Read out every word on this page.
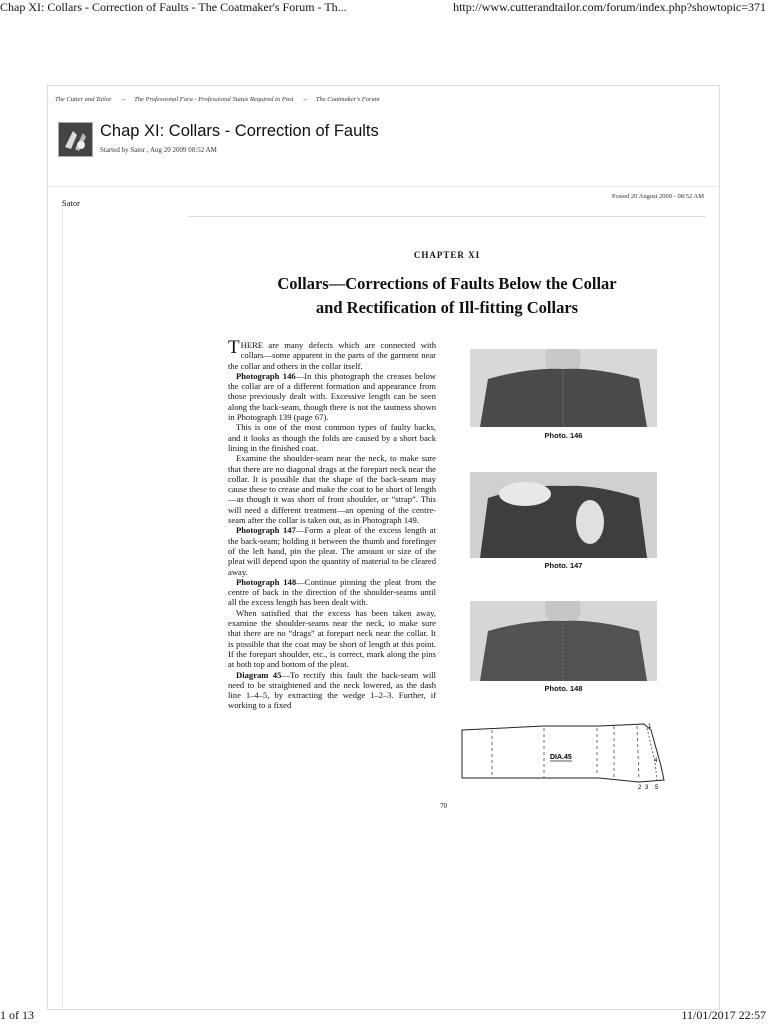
Chap XI: Collars - Correction of Faults - The Coatmaker's Forum - Th...	http://www.cutterandtailor.com/forum/index.php?showtopic=371
1 of 13	11/01/2017 22:57
The Cutter and Tailor → The Professional Fora - Professional Status Required to Post → The Coatmaker's Forum
Chap XI: Collars - Correction of Faults
Started by Sator , Aug 20 2009 08:52 AM
Sator
Posted 20 August 2009 - 08:52 AM
CHAPTER XI
Collars—Corrections of Faults Below the Collar
and Rectification of Ill-fitting Collars

THERE are many defects which are connected with collars—some apparent in the parts of the garment near the collar and others in the collar itself.

Photograph 146—In this photograph the creases below the collar are of a different formation and appearance from those previously dealt with. Excessive length can be seen along the back-seam, though there is not the tautness shown in Photograph 139 (page 67).

This is one of the most common types of faulty backs, and it looks as though the folds are caused by a short back lining in the finished coat.

Examine the shoulder-seam near the neck, to make sure that there are no diagonal drags at the forepart neck near the collar. It is possible that the shape of the back-seam may cause these to crease and make the coat to be short of length —as though it was short of front shoulder, or “strap”. This will need a different treatment—an opening of the centre-seam after the collar is taken out, as in Photograph 149.

Photograph 147—Form a pleat of the excess length at the back-seam; holding it between the thumb and forefinger of the left hand, pin the pleat. The amount or size of the pleat will depend upon the quantity of material to be cleared away.

Photograph 148—Continue pinning the pleat from the centre of back in the direction of the shoulder-seams until all the excess length has been dealt with.

When satisfied that the excess has been taken away, examine the shoulder-seams near the neck, to make sure that there are no “drags” at forepart neck near the collar. It is possible that the coat may be short of length at this point. If the forepart shoulder, etc., is correct, mark along the pins at both top and bottom of the pleat.

Diagram 45—To rectify this fault the back-seam will need to be straightened and the neck lowered, as the dash line 1–4–5, by extracting the wedge 1–2–3. Further, if working to a fixed

Photo. 146
Photo. 147
Photo. 148
DIA.45
1
4
2 3 5
70
